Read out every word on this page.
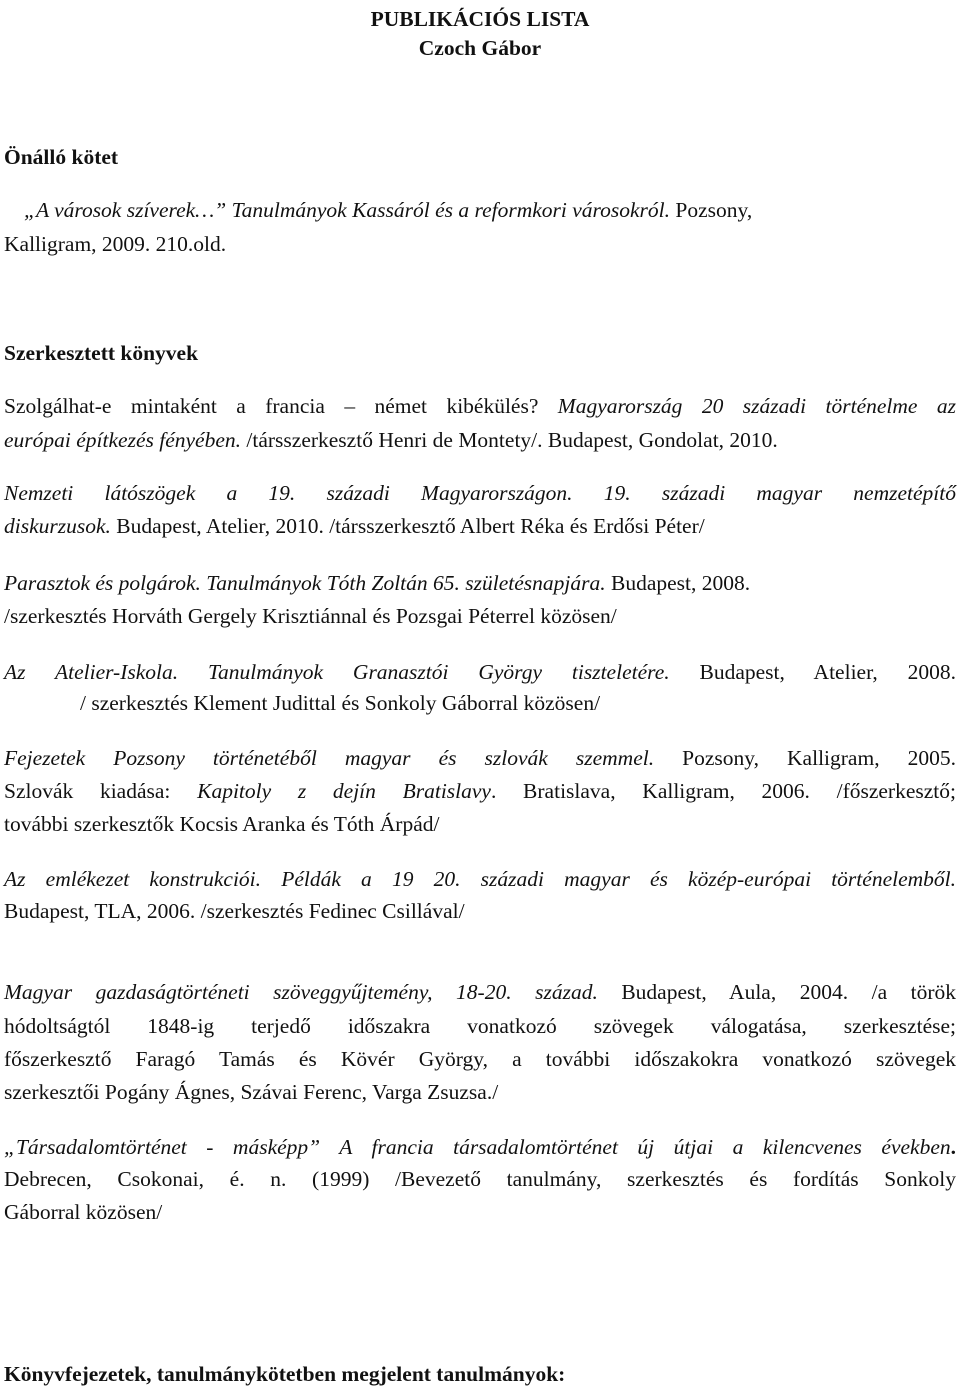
PUBLIKÁCIÓS LISTA
Czoch Gábor
Önálló kötet
„A városok szíverek…” Tanulmányok Kassáról és a reformkori városokról. Pozsony,
Kalligram, 2009. 210.old.
Szerkesztett könyvek
Szolgálhat-e mintaként a francia – német kibékülés? Magyarország 20 századi történelme az
európai építkezés fényében. /társszerkesztő Henri de Montety/. Budapest, Gondolat, 2010.
Nemzeti látószögek a 19. századi Magyarországon. 19. századi magyar nemzetépítő
diskurzusok. Budapest, Atelier, 2010. /társszerkesztő Albert Réka és Erdősi Péter/
Parasztok és polgárok. Tanulmányok Tóth Zoltán 65. születésnapjára. Budapest, 2008.
/szerkesztés Horváth Gergely Krisztiánnal és Pozsgai Péterrel közösen/
Az Atelier-Iskola. Tanulmányok Granasztói György tiszteletére. Budapest, Atelier, 2008.
/ szerkesztés Klement Judittal és Sonkoly Gáborral közösen/
Fejezetek Pozsony történetéből magyar és szlovák szemmel. Pozsony, Kalligram, 2005.
Szlovák kiadása: Kapitoly z dejín Bratislavy. Bratislava, Kalligram, 2006. /főszerkesztő;
további szerkesztők Kocsis Aranka és Tóth Árpád/
Az emlékezet konstrukciói. Példák a 19 20. századi magyar és közép-európai történelemből.
Budapest, TLA, 2006. /szerkesztés Fedinec Csillával/
Magyar gazdaságtörténeti szöveggyűjtemény, 18-20. század. Budapest, Aula, 2004. /a török
hódoltságtól 1848-ig terjedő időszakra vonatkozó szövegek válogatása, szerkesztése;
főszerkesztő Faragó Tamás és Kövér György, a további időszakokra vonatkozó szövegek
szerkesztői Pogány Ágnes, Szávai Ferenc, Varga Zsuzsa./
„Társadalomtörténet - másképp” A francia társadalomtörténet új útjai a kilencvenes években.
Debrecen, Csokonai, é. n. (1999) /Bevezető tanulmány, szerkesztés és fordítás Sonkoly
Gáborral közösen/
Könyvfejezetek, tanulmánykötetben megjelent tanulmányok:
